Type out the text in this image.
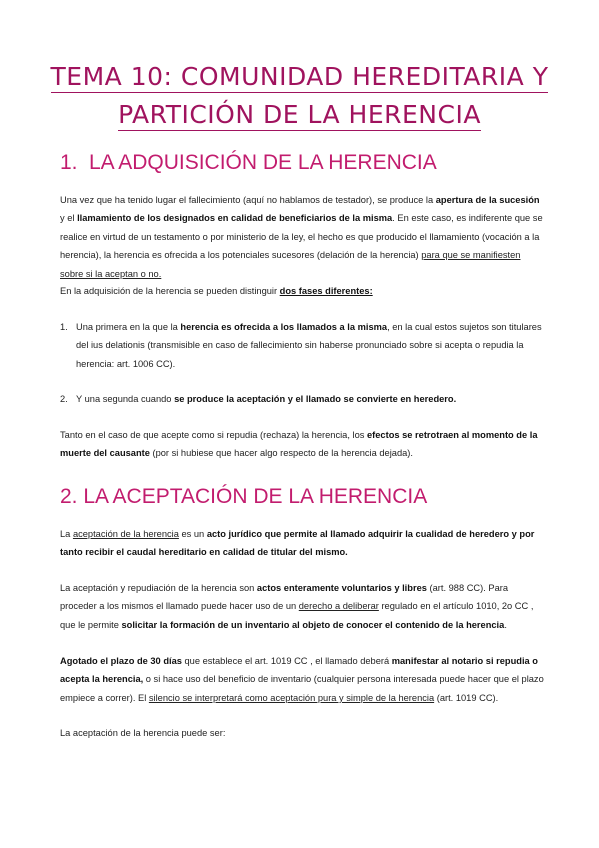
TEMA 10: COMUNIDAD HEREDITARIA Y
PARTICIÓN DE LA HERENCIA
1. LA ADQUISICIÓN DE LA HERENCIA
Una vez que ha tenido lugar el fallecimiento (aquí no hablamos de testador), se produce la apertura de la sucesión y el llamamiento de los designados en calidad de beneficiarios de la misma. En este caso, es indiferente que se realice en virtud de un testamento o por ministerio de la ley, el hecho es que producido el llamamiento (vocación a la herencia), la herencia es ofrecida a los potenciales sucesores (delación de la herencia) para que se manifiesten sobre si la aceptan o no.
En la adquisición de la herencia se pueden distinguir dos fases diferentes:
1. Una primera en la que la herencia es ofrecida a los llamados a la misma, en la cual estos sujetos son titulares del ius delationis (transmisible en caso de fallecimiento sin haberse pronunciado sobre si acepta o repudia la herencia: art. 1006 CC).
2. Y una segunda cuando se produce la aceptación y el llamado se convierte en heredero.
Tanto en el caso de que acepte como si repudia (rechaza) la herencia, los efectos se retrotraen al momento de la muerte del causante (por si hubiese que hacer algo respecto de la herencia dejada).
2. LA ACEPTACIÓN DE LA HERENCIA
La aceptación de la herencia es un acto jurídico que permite al llamado adquirir la cualidad de heredero y por tanto recibir el caudal hereditario en calidad de titular del mismo.
La aceptación y repudiación de la herencia son actos enteramente voluntarios y libres (art. 988 CC). Para proceder a los mismos el llamado puede hacer uso de un derecho a deliberar regulado en el artículo 1010, 2o CC , que le permite solicitar la formación de un inventario al objeto de conocer el contenido de la herencia.
Agotado el plazo de 30 días que establece el art. 1019 CC , el llamado deberá manifestar al notario si repudia o acepta la herencia, o si hace uso del beneficio de inventario (cualquier persona interesada puede hacer que el plazo empiece a correr). El silencio se interpretará como aceptación pura y simple de la herencia (art. 1019 CC).
La aceptación de la herencia puede ser:
